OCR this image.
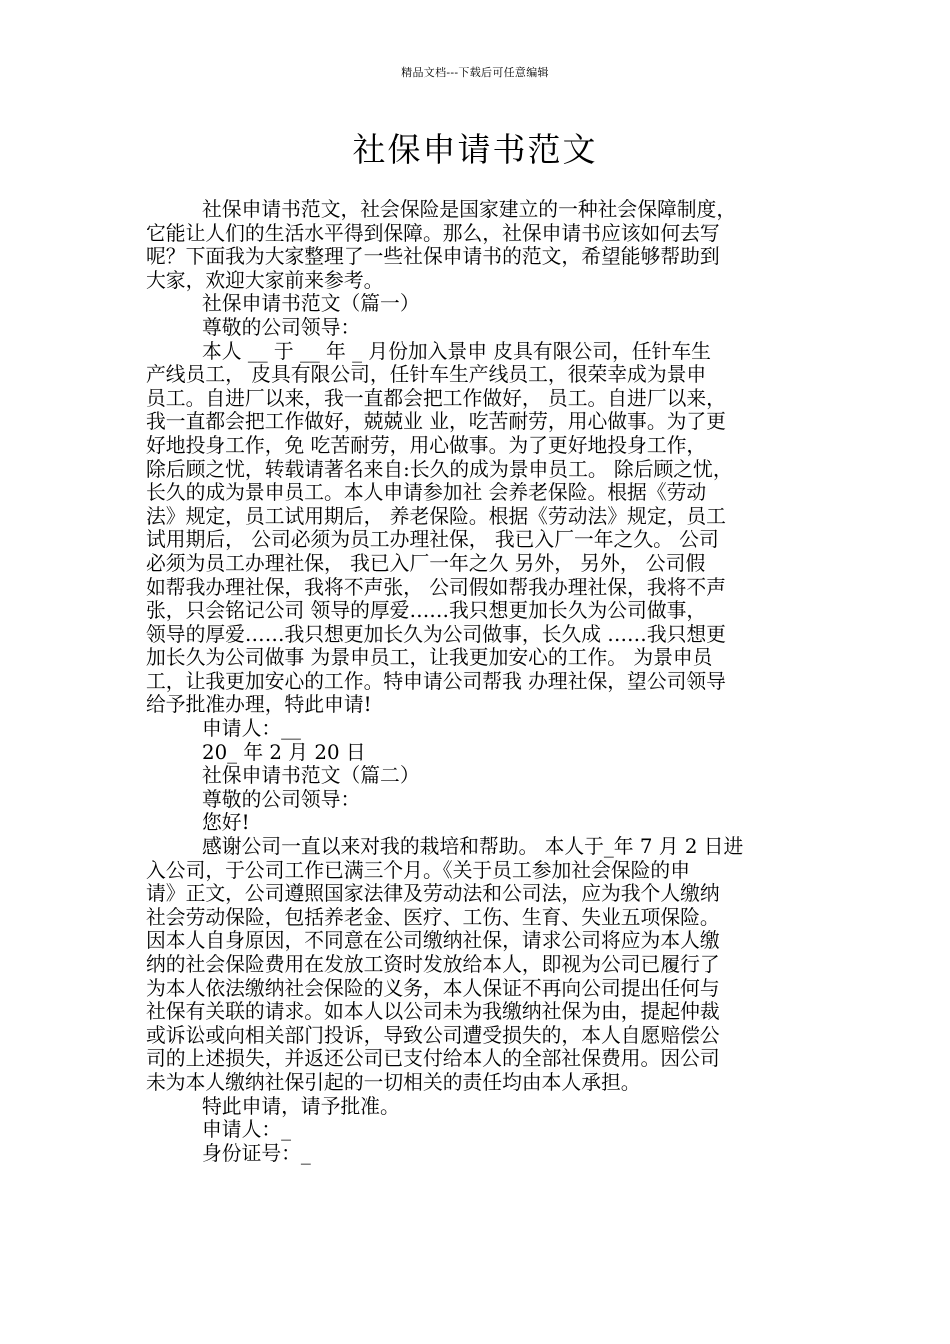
精品文档---下载后可任意编辑
社保申请书范文
社保申请书范文，社会保险是国家建立的一种社会保障制度，
它能让人们的生活水平得到保障。那么，社保申请书应该如何去写
呢？下面我为大家整理了一些社保申请书的范文，希望能够帮助到
大家，欢迎大家前来参考。
社保申请书范文（篇一）
尊敬的公司领导：
本人 __ 于 __ 年 _ 月份加入景申 皮具有限公司，任针车生
产线员工， 皮具有限公司，任针车生产线员工，很荣幸成为景申
员工。自进厂以来，我一直都会把工作做好， 员工。自进厂以来，
我一直都会把工作做好，兢兢业 业，吃苦耐劳，用心做事。为了更
好地投身工作，免 吃苦耐劳，用心做事。为了更好地投身工作，
除后顾之忧，转载请著名来自:长久的成为景申员工。 除后顾之忧，
长久的成为景申员工。本人申请参加社 会养老保险。根据《劳动
法》规定，员工试用期后， 养老保险。根据《劳动法》规定，员工
试用期后， 公司必须为员工办理社保， 我已入厂一年之久。 公司
必须为员工办理社保， 我已入厂一年之久 另外， 另外， 公司假
如帮我办理社保，我将不声张， 公司假如帮我办理社保，我将不声
张，只会铭记公司 领导的厚爱……我只想更加长久为公司做事，
领导的厚爱……我只想更加长久为公司做事，长久成 ……我只想更
加长久为公司做事 为景申员工，让我更加安心的工作。 为景申员
工，让我更加安心的工作。特申请公司帮我 办理社保，望公司领导
给予批准办理，特此申请!
申请人：__
20_ 年 2 月 20 日
社保申请书范文（篇二）
尊敬的公司领导：
您好!
感谢公司一直以来对我的栽培和帮助。 本人于_年 7 月 2 日进
入公司，于公司工作已满三个月。《关于员工参加社会保险的申
请》正文，公司遵照国家法律及劳动法和公司法，应为我个人缴纳
社会劳动保险，包括养老金、医疗、工伤、生育、失业五项保险。
因本人自身原因，不同意在公司缴纳社保，请求公司将应为本人缴
纳的社会保险费用在发放工资时发放给本人，即视为公司已履行了
为本人依法缴纳社会保险的义务，本人保证不再向公司提出任何与
社保有关联的请求。如本人以公司未为我缴纳社保为由，提起仲裁
或诉讼或向相关部门投诉，导致公司遭受损失的，本人自愿赔偿公
司的上述损失，并返还公司已支付给本人的全部社保费用。因公司
未为本人缴纳社保引起的一切相关的责任均由本人承担。
特此申请，请予批准。
申请人：_
身份证号：_
